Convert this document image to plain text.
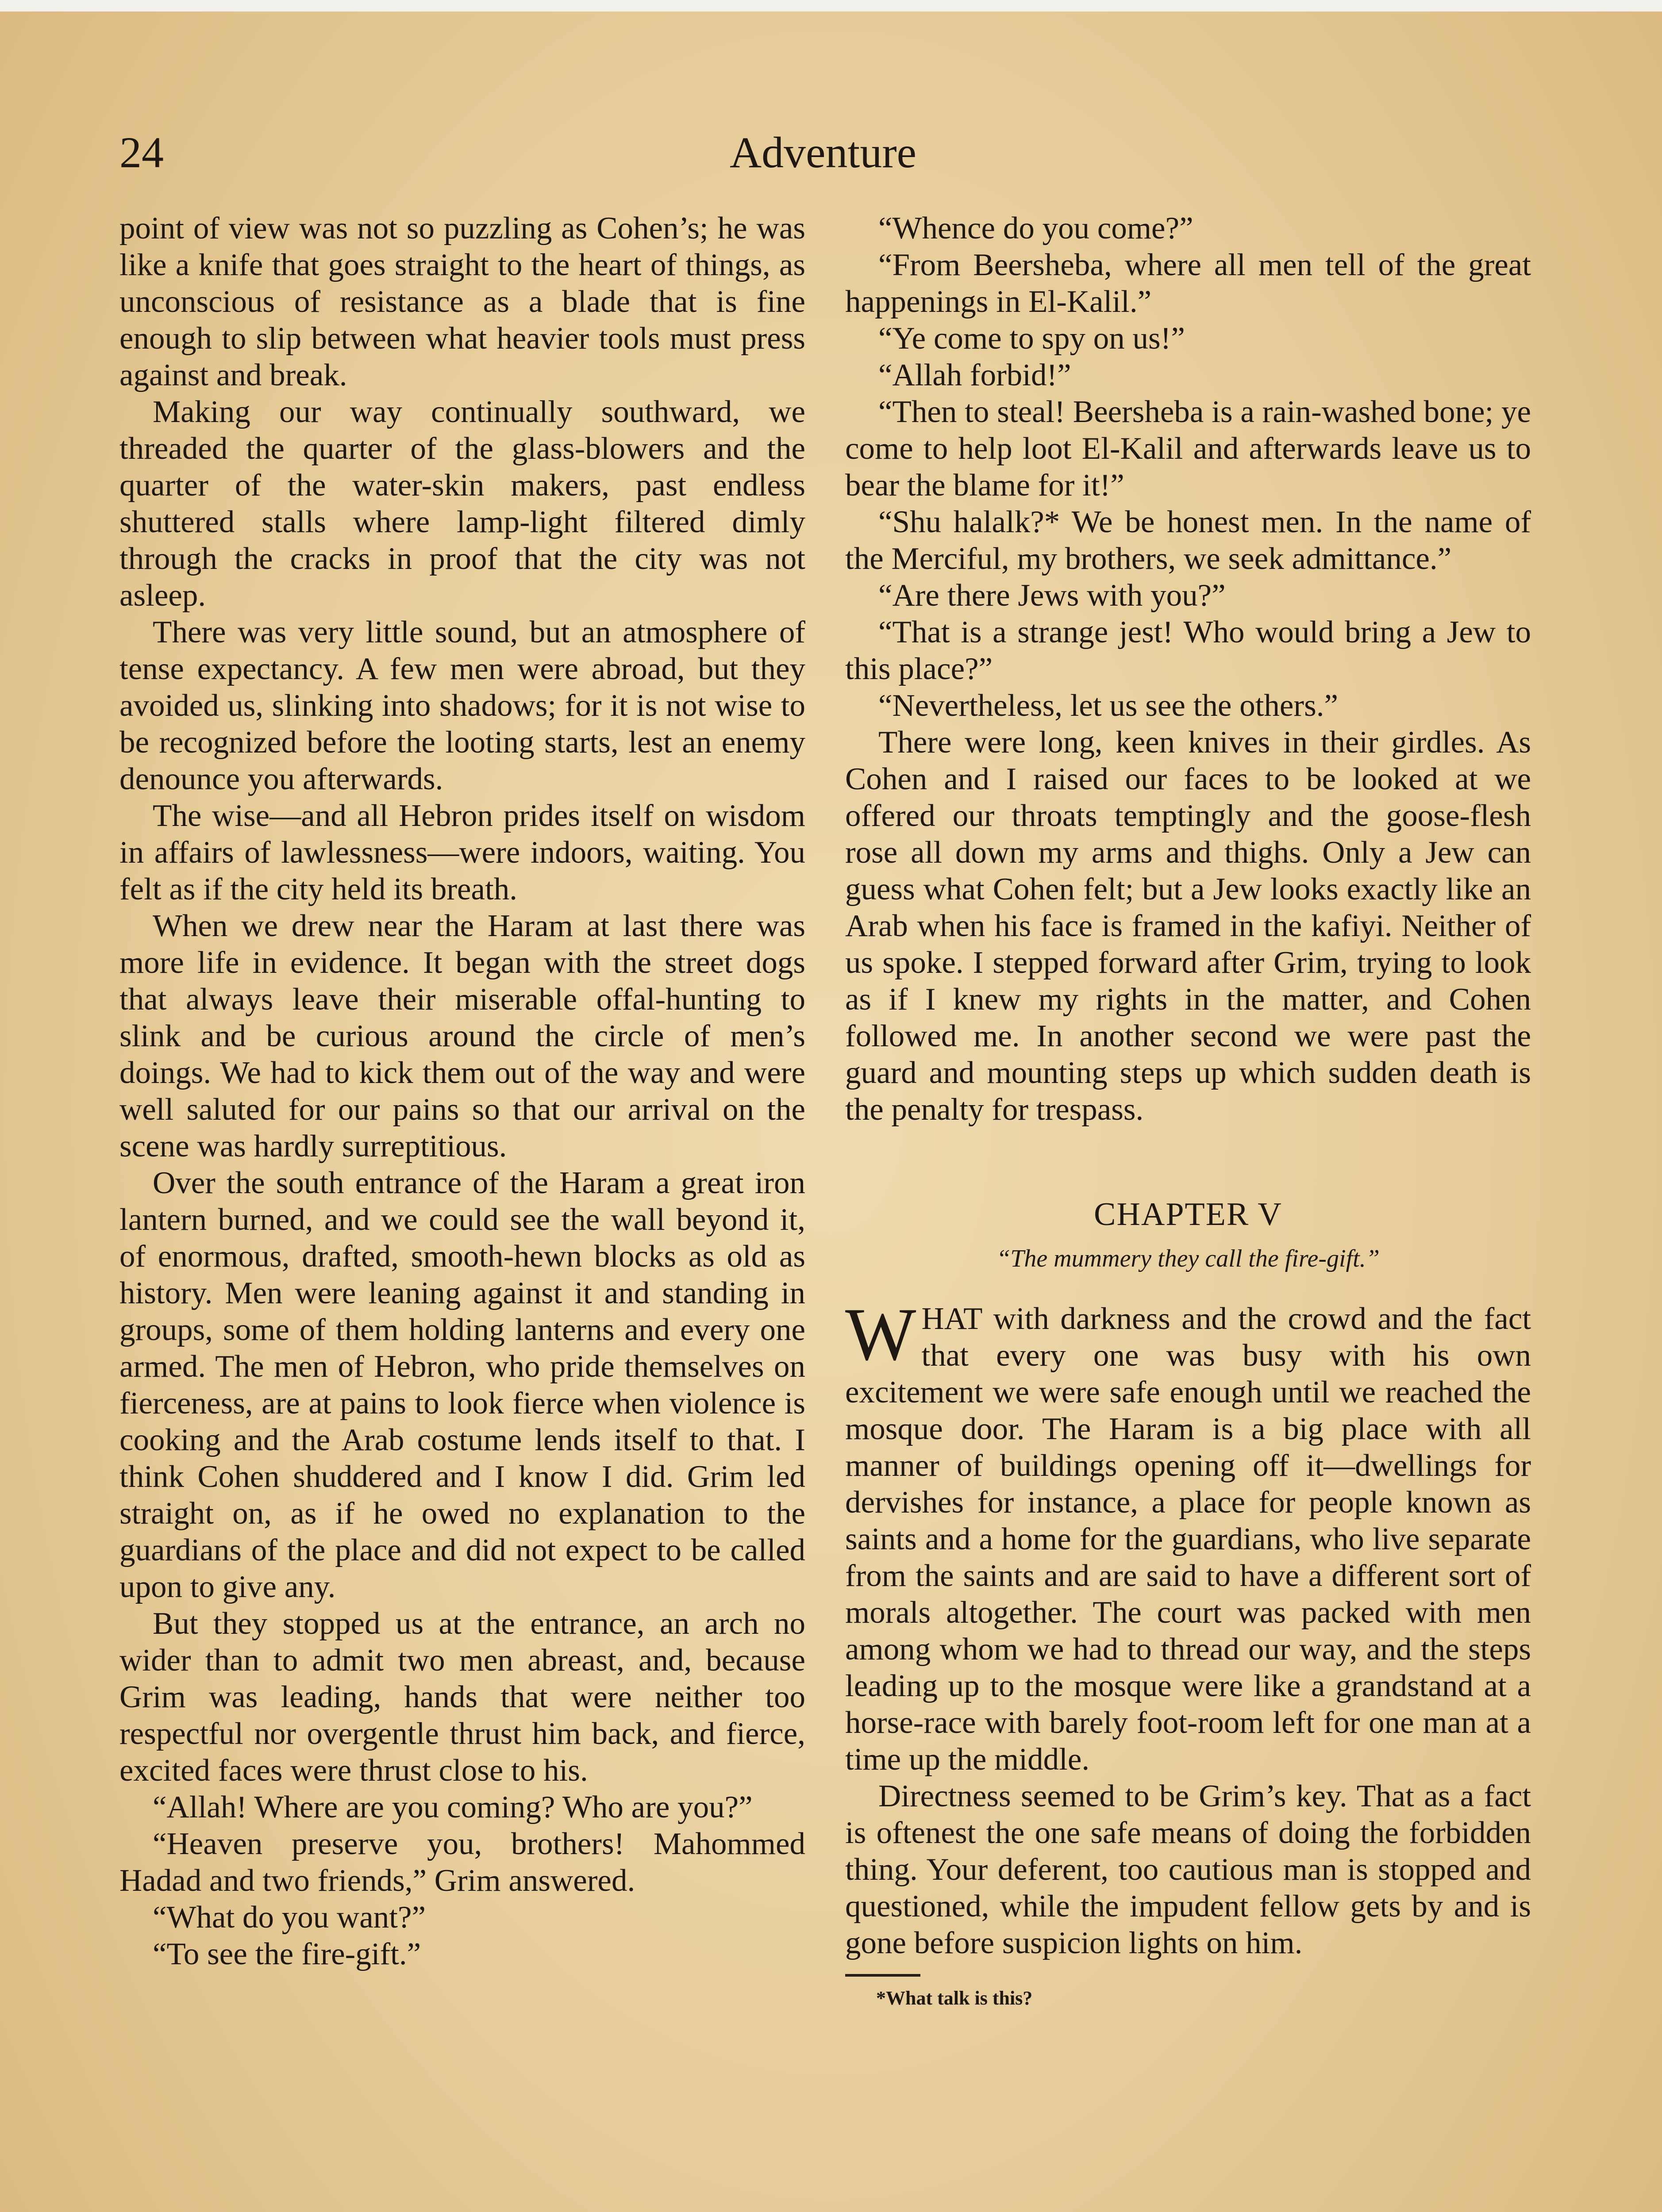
24	Adventure

point of view was not so puzzling as Cohen’s; he was like a knife that goes straight to the heart of things, as unconscious of resistance as a blade that is fine enough to slip between what heavier tools must press against and break.

Making our way continually southward, we threaded the quarter of the glass-blowers and the quarter of the water-skin makers, past endless shuttered stalls where lamp-light filtered dimly through the cracks in proof that the city was not asleep.

There was very little sound, but an atmosphere of tense expectancy. A few men were abroad, but they avoided us, slinking into shadows; for it is not wise to be recognized before the looting starts, lest an enemy denounce you afterwards.

The wise—and all Hebron prides itself on wisdom in affairs of lawlessness—were indoors, waiting. You felt as if the city held its breath.

When we drew near the Haram at last there was more life in evidence. It began with the street dogs that always leave their miserable offal-hunting to slink and be curious around the circle of men’s doings. We had to kick them out of the way and were well saluted for our pains so that our arrival on the scene was hardly surreptitious.

Over the south entrance of the Haram a great iron lantern burned, and we could see the wall beyond it, of enormous, drafted, smooth-hewn blocks as old as history. Men were leaning against it and standing in groups, some of them holding lanterns and every one armed. The men of Hebron, who pride themselves on fierceness, are at pains to look fierce when violence is cooking and the Arab costume lends itself to that. I think Cohen shuddered and I know I did. Grim led straight on, as if he owed no explanation to the guardians of the place and did not expect to be called upon to give any.

But they stopped us at the entrance, an arch no wider than to admit two men abreast, and, because Grim was leading, hands that were neither too respectful nor overgentle thrust him back, and fierce, excited faces were thrust close to his.

“Allah! Where are you coming? Who are you?”

“Heaven preserve you, brothers! Mahommed Hadad and two friends,” Grim answered.

“What do you want?”

“To see the fire-gift.”

“Whence do you come?”

“From Beersheba, where all men tell of the great happenings in El-Kalil.”

“Ye come to spy on us!”

“Allah forbid!”

“Then to steal! Beersheba is a rain-washed bone; ye come to help loot El-Kalil and afterwards leave us to bear the blame for it!”

“Shu halalk?* We be honest men. In the name of the Merciful, my brothers, we seek admittance.”

“Are there Jews with you?”

“That is a strange jest! Who would bring a Jew to this place?”

“Nevertheless, let us see the others.”

There were long, keen knives in their girdles. As Cohen and I raised our faces to be looked at we offered our throats temptingly and the goose-flesh rose all down my arms and thighs. Only a Jew can guess what Cohen felt; but a Jew looks exactly like an Arab when his face is framed in the kafiyi. Neither of us spoke. I stepped forward after Grim, trying to look as if I knew my rights in the matter, and Cohen followed me. In another second we were past the guard and mounting steps up which sudden death is the penalty for trespass.

CHAPTER V
“The mummery they call the fire-gift.”

WHAT with darkness and the crowd and the fact that every one was busy with his own excitement we were safe enough until we reached the mosque door. The Haram is a big place with all manner of buildings opening off it—dwellings for dervishes for instance, a place for people known as saints and a home for the guardians, who live separate from the saints and are said to have a different sort of morals altogether. The court was packed with men among whom we had to thread our way, and the steps leading up to the mosque were like a grandstand at a horse-race with barely foot-room left for one man at a time up the middle.

Directness seemed to be Grim’s key. That as a fact is oftenest the one safe means of doing the forbidden thing. Your deferent, too cautious man is stopped and questioned, while the impudent fellow gets by and is gone before suspicion lights on him.

*What talk is this?
